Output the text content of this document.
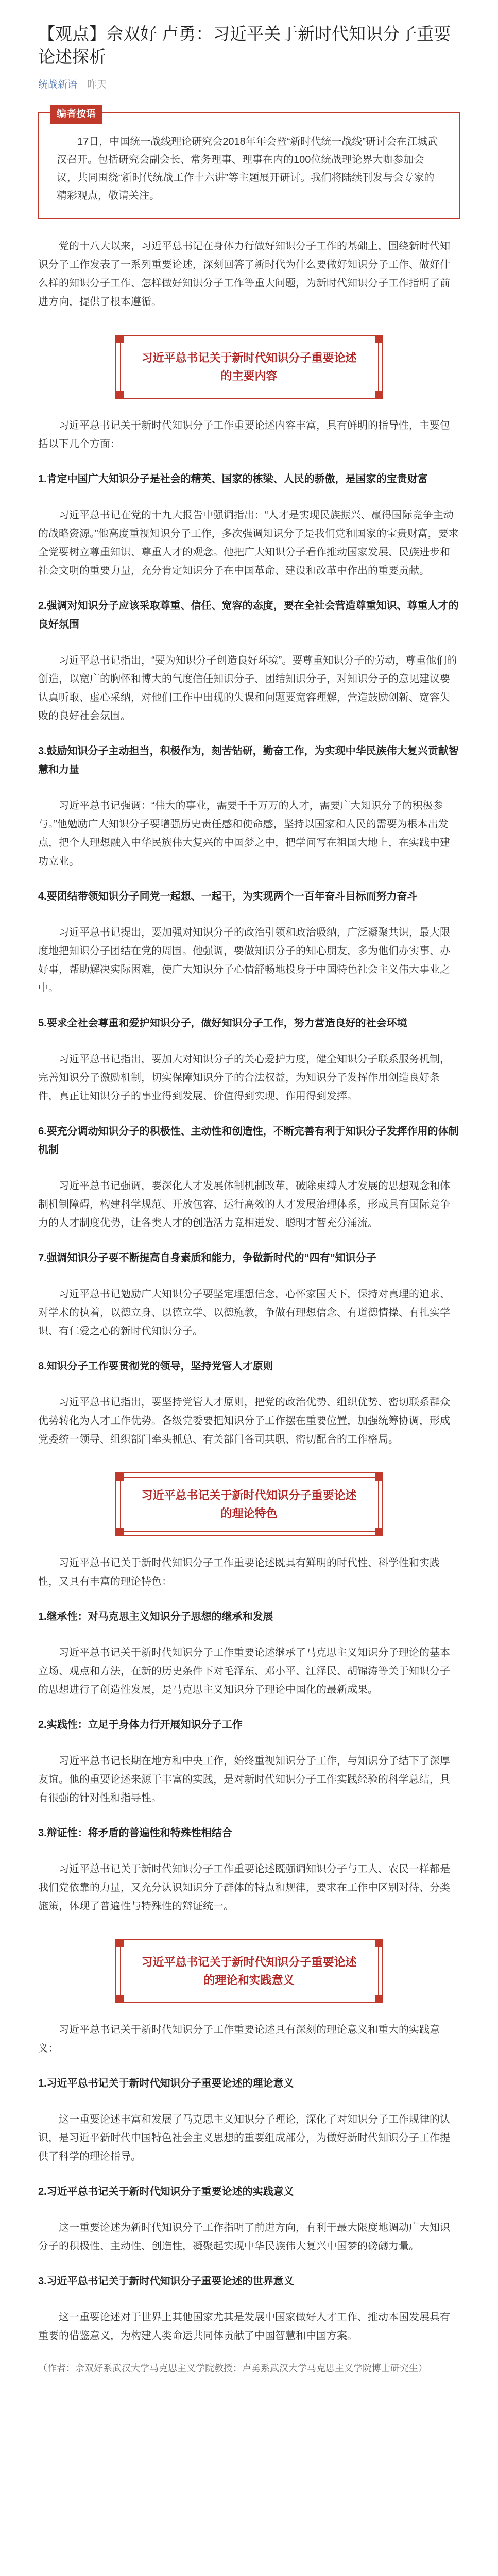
【观点】佘双好 卢勇：习近平关于新时代知识分子重要论述探析
统战新语 昨天
编者按语

17日，中国统一战线理论研究会2018年年会暨“新时代统一战线”研讨会在江城武汉召开。包括研究会副会长、常务理事、理事在内的100位统战理论界大咖参加会议，共同围绕“新时代统战工作十六讲”等主题展开研讨。我们将陆续刊发与会专家的精彩观点，敬请关注。

党的十八大以来，习近平总书记在身体力行做好知识分子工作的基础上，围绕新时代知识分子工作发表了一系列重要论述，深刻回答了新时代为什么要做好知识分子工作、做好什么样的知识分子工作、怎样做好知识分子工作等重大问题，为新时代知识分子工作指明了前进方向，提供了根本遵循。

习近平总书记关于新时代知识分子重要论述的主要内容

习近平总书记关于新时代知识分子工作重要论述内容丰富，具有鲜明的指导性，主要包括以下几个方面：

1.肯定中国广大知识分子是社会的精英、国家的栋梁、人民的骄傲，是国家的宝贵财富

习近平总书记在党的十九大报告中强调指出：“人才是实现民族振兴、赢得国际竞争主动的战略资源。”他高度重视知识分子工作，多次强调知识分子是我们党和国家的宝贵财富，要求全党要树立尊重知识、尊重人才的观念。他把广大知识分子看作推动国家发展、民族进步和社会文明的重要力量，充分肯定知识分子在中国革命、建设和改革中作出的重要贡献。

2.强调对知识分子应该采取尊重、信任、宽容的态度，要在全社会营造尊重知识、尊重人才的良好氛围

习近平总书记指出，“要为知识分子创造良好环境”。要尊重知识分子的劳动，尊重他们的创造，以宽广的胸怀和博大的气度信任知识分子、团结知识分子，对知识分子的意见建议要认真听取、虚心采纳，对他们工作中出现的失误和问题要宽容理解，营造鼓励创新、宽容失败的良好社会氛围。

3.鼓励知识分子主动担当，积极作为，刻苦钻研，勤奋工作，为实现中华民族伟大复兴贡献智慧和力量

习近平总书记强调：“伟大的事业，需要千千万万的人才，需要广大知识分子的积极参与。”他勉励广大知识分子要增强历史责任感和使命感，坚持以国家和人民的需要为根本出发点，把个人理想融入中华民族伟大复兴的中国梦之中，把学问写在祖国大地上，在实践中建功立业。

4.要团结带领知识分子同党一起想、一起干，为实现两个一百年奋斗目标而努力奋斗

习近平总书记提出，要加强对知识分子的政治引领和政治吸纳，广泛凝聚共识，最大限度地把知识分子团结在党的周围。他强调，要做知识分子的知心朋友，多为他们办实事、办好事，帮助解决实际困难，使广大知识分子心情舒畅地投身于中国特色社会主义伟大事业之中。

5.要求全社会尊重和爱护知识分子，做好知识分子工作，努力营造良好的社会环境

习近平总书记指出，要加大对知识分子的关心爱护力度，健全知识分子联系服务机制，完善知识分子激励机制，切实保障知识分子的合法权益，为知识分子发挥作用创造良好条件，真正让知识分子的事业得到发展、价值得到实现、作用得到发挥。

6.要充分调动知识分子的积极性、主动性和创造性，不断完善有利于知识分子发挥作用的体制机制

习近平总书记强调，要深化人才发展体制机制改革，破除束缚人才发展的思想观念和体制机制障碍，构建科学规范、开放包容、运行高效的人才发展治理体系，形成具有国际竞争力的人才制度优势，让各类人才的创造活力竞相迸发、聪明才智充分涌流。

7.强调知识分子要不断提高自身素质和能力，争做新时代的“四有”知识分子

习近平总书记勉励广大知识分子要坚定理想信念，心怀家国天下，保持对真理的追求、对学术的执着，以德立身、以德立学、以德施教，争做有理想信念、有道德情操、有扎实学识、有仁爱之心的新时代知识分子。

8.知识分子工作要贯彻党的领导，坚持党管人才原则

习近平总书记指出，要坚持党管人才原则，把党的政治优势、组织优势、密切联系群众优势转化为人才工作优势。各级党委要把知识分子工作摆在重要位置，加强统筹协调，形成党委统一领导、组织部门牵头抓总、有关部门各司其职、密切配合的工作格局。

习近平总书记关于新时代知识分子重要论述的理论特色

习近平总书记关于新时代知识分子工作重要论述既具有鲜明的时代性、科学性和实践性，又具有丰富的理论特色：

1.继承性：对马克思主义知识分子思想的继承和发展

习近平总书记关于新时代知识分子工作重要论述继承了马克思主义知识分子理论的基本立场、观点和方法，在新的历史条件下对毛泽东、邓小平、江泽民、胡锦涛等关于知识分子的思想进行了创造性发展，是马克思主义知识分子理论中国化的最新成果。

2.实践性：立足于身体力行开展知识分子工作

习近平总书记长期在地方和中央工作，始终重视知识分子工作，与知识分子结下了深厚友谊。他的重要论述来源于丰富的实践，是对新时代知识分子工作实践经验的科学总结，具有很强的针对性和指导性。

3.辩证性：将矛盾的普遍性和特殊性相结合

习近平总书记关于新时代知识分子工作重要论述既强调知识分子与工人、农民一样都是我们党依靠的力量，又充分认识知识分子群体的特点和规律，要求在工作中区别对待、分类施策，体现了普遍性与特殊性的辩证统一。

习近平总书记关于新时代知识分子重要论述的理论和实践意义

习近平总书记关于新时代知识分子工作重要论述具有深刻的理论意义和重大的实践意义：

1.习近平总书记关于新时代知识分子重要论述的理论意义

这一重要论述丰富和发展了马克思主义知识分子理论，深化了对知识分子工作规律的认识，是习近平新时代中国特色社会主义思想的重要组成部分，为做好新时代知识分子工作提供了科学的理论指导。

2.习近平总书记关于新时代知识分子重要论述的实践意义

这一重要论述为新时代知识分子工作指明了前进方向，有利于最大限度地调动广大知识分子的积极性、主动性、创造性，凝聚起实现中华民族伟大复兴中国梦的磅礴力量。

3.习近平总书记关于新时代知识分子重要论述的世界意义

这一重要论述对于世界上其他国家尤其是发展中国家做好人才工作、推动本国发展具有重要的借鉴意义，为构建人类命运共同体贡献了中国智慧和中国方案。

（作者：佘双好系武汉大学马克思主义学院教授；卢勇系武汉大学马克思主义学院博士研究生）
